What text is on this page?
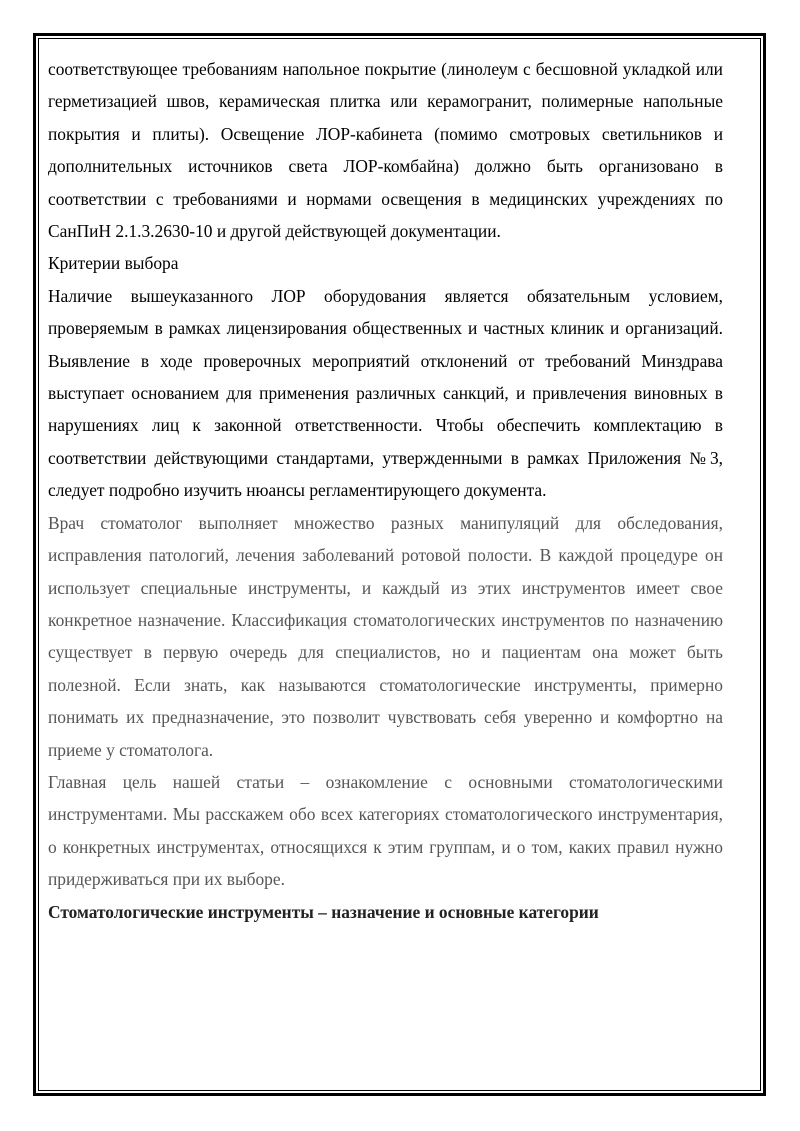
соответствующее требованиям напольное покрытие (линолеум с бесшовной укладкой или герметизацией швов, керамическая плитка или керамогранит, полимерные напольные покрытия и плиты). Освещение ЛОР-кабинета (помимо смотровых светильников и дополнительных источников света ЛОР-комбайна) должно быть организовано в соответствии с требованиями и нормами освещения в медицинских учреждениях по СанПиН 2.1.3.2630-10 и другой действующей документации.

Критерии выбора

Наличие вышеуказанного ЛОР оборудования является обязательным условием, проверяемым в рамках лицензирования общественных и частных клиник и организаций. Выявление в ходе проверочных мероприятий отклонений от требований Минздрава выступает основанием для применения различных санкций, и привлечения виновных в нарушениях лиц к законной ответственности. Чтобы обеспечить комплектацию в соответствии действующими стандартами, утвержденными в рамках Приложения №3, следует подробно изучить нюансы регламентирующего документа.

Врач стоматолог выполняет множество разных манипуляций для обследования, исправления патологий, лечения заболеваний ротовой полости. В каждой процедуре он использует специальные инструменты, и каждый из этих инструментов имеет свое конкретное назначение. Классификация стоматологических инструментов по назначению существует в первую очередь для специалистов, но и пациентам она может быть полезной. Если знать, как называются стоматологические инструменты, примерно понимать их предназначение, это позволит чувствовать себя уверенно и комфортно на приеме у стоматолога.

Главная цель нашей статьи – ознакомление с основными стоматологическими инструментами. Мы расскажем обо всех категориях стоматологического инструментария, о конкретных инструментах, относящихся к этим группам, и о том, каких правил нужно придерживаться при их выборе.

Стоматологические инструменты – назначение и основные категории
